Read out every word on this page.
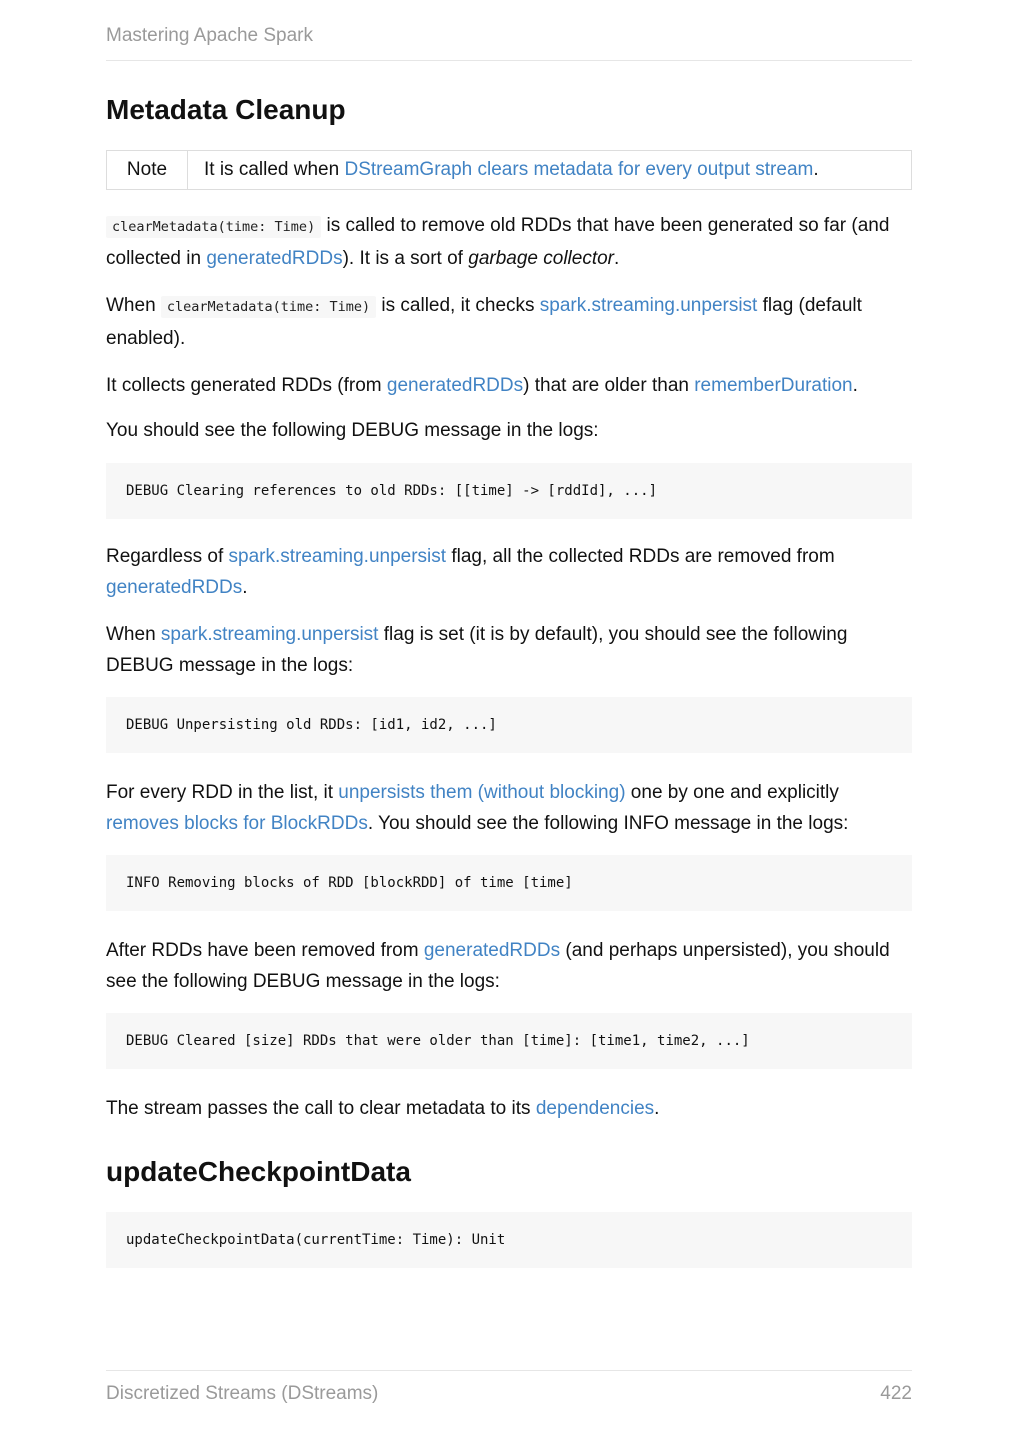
Mastering Apache Spark
Metadata Cleanup
Note	It is called when DStreamGraph clears metadata for every output stream .

clearMetadata(time: Time) is called to remove old RDDs that have been generated so far (and collected in generatedRDDs). It is a sort of garbage collector.

When clearMetadata(time: Time) is called, it checks spark.streaming.unpersist flag (default enabled).

It collects generated RDDs (from generatedRDDs) that are older than rememberDuration.

You should see the following DEBUG message in the logs:

DEBUG Clearing references to old RDDs: [[time] -> [rddId], ...]

Regardless of spark.streaming.unpersist flag, all the collected RDDs are removed from generatedRDDs.

When spark.streaming.unpersist flag is set (it is by default), you should see the following DEBUG message in the logs:

DEBUG Unpersisting old RDDs: [id1, id2, ...]

For every RDD in the list, it unpersists them (without blocking) one by one and explicitly removes blocks for BlockRDDs. You should see the following INFO message in the logs:

INFO Removing blocks of RDD [blockRDD] of time [time]

After RDDs have been removed from generatedRDDs (and perhaps unpersisted), you should see the following DEBUG message in the logs:

DEBUG Cleared [size] RDDs that were older than [time]: [time1, time2, ...]

The stream passes the call to clear metadata to its dependencies.

updateCheckpointData
updateCheckpointData(currentTime: Time): Unit
Discretized Streams (DStreams)	422
